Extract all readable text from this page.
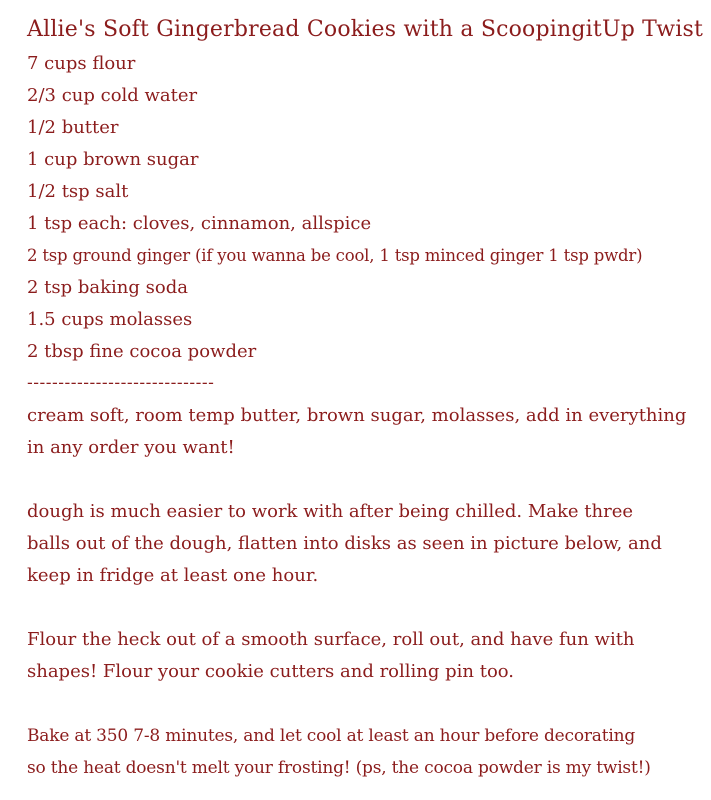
Allie's Soft Gingerbread Cookies with a ScoopingitUp Twist
7 cups flour
2/3 cup cold water
1/2 butter
1 cup brown sugar
1/2 tsp salt
1 tsp each: cloves, cinnamon, allspice
2 tsp ground ginger (if you wanna be cool, 1 tsp minced ginger 1 tsp pwdr)
2 tsp baking soda
1.5 cups molasses
2 tbsp fine cocoa powder
------------------------------

cream soft, room temp butter, brown sugar, molasses, add in everything
in any order you want!

dough is much easier to work with after being chilled. Make three
balls out of the dough, flatten into disks as seen in picture below, and
keep in fridge at least one hour.

Flour the heck out of a smooth surface, roll out, and have fun with
shapes! Flour your cookie cutters and rolling pin too.

Bake at 350 7-8 minutes, and let cool at least an hour before decorating
so the heat doesn't melt your frosting! (ps, the cocoa powder is my twist!)
